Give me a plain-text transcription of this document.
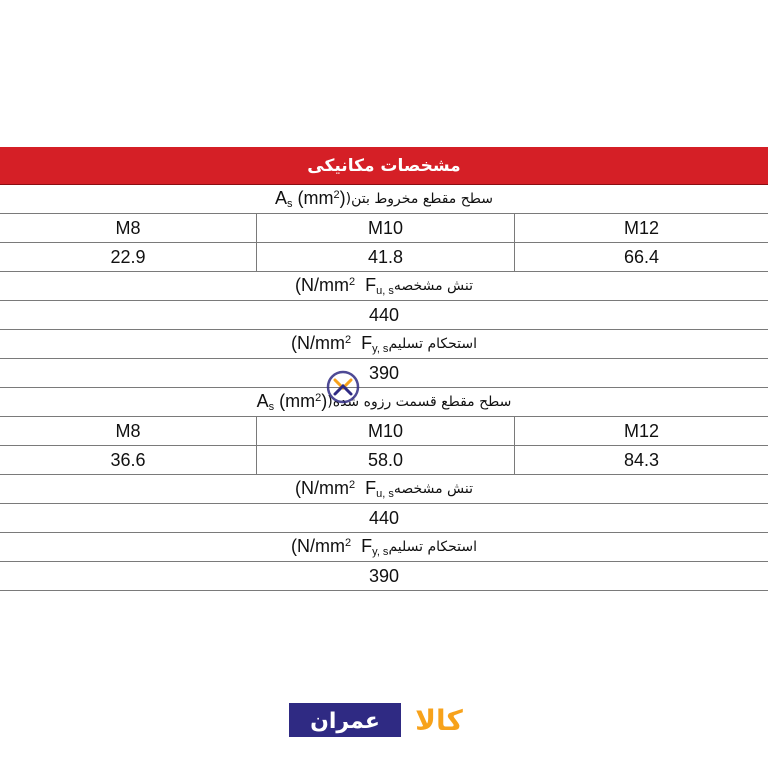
مشخصات مکانیکی
سطح مقطع مخروط بتن
(
$A_s$ $(mm^2)$
M8	M10	M12
22.9	41.8	66.4
تنش مشخصه
($N/mm^2$ $F_{u, s}$
440
استحکام تسلیم
($N/mm^2$ $F_{y, s}$
390
سطح مقطع قسمت رزوه شده
(
$A_s$ $(mm^2)$
M8	M10	M12
36.6	58.0	84.3
تنش مشخصه
($N/mm^2$ $F_{u, s}$
440
استحکام تسلیم
($N/mm^2$ $F_{y, s}$
390
عمران کالا
